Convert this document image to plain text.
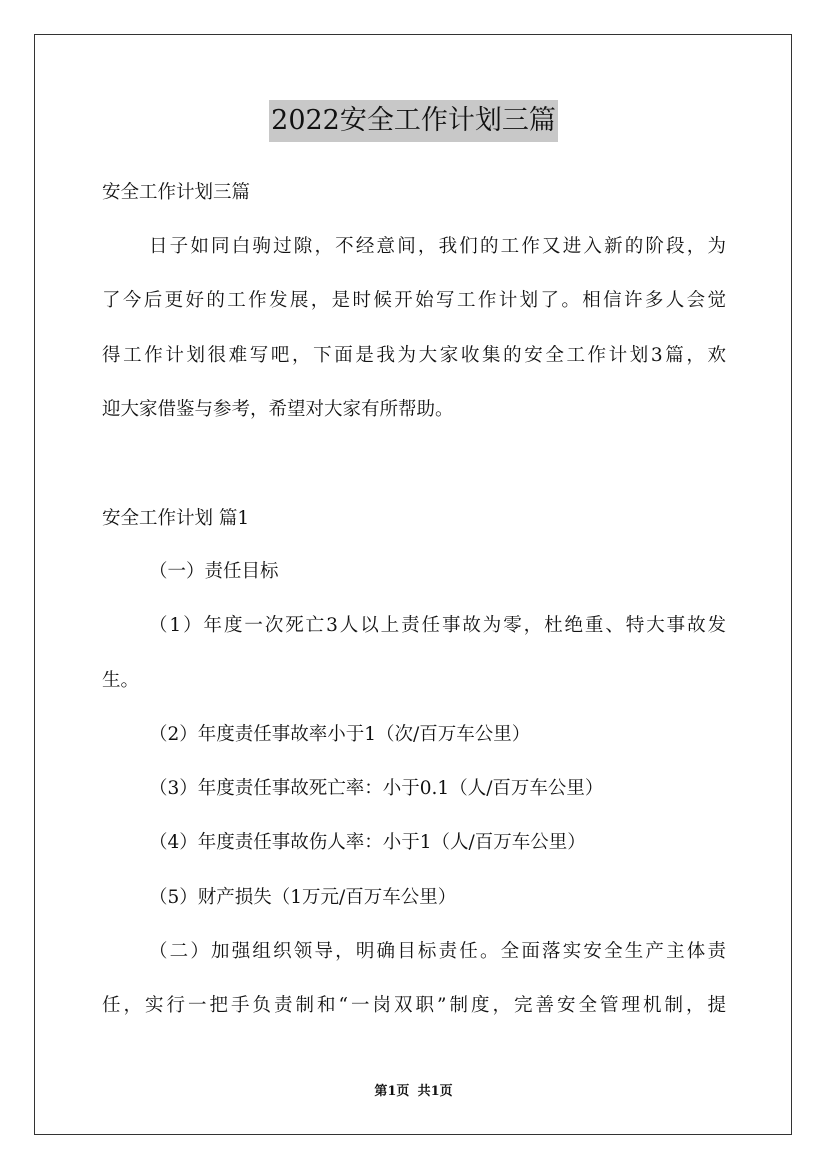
2022安全工作计划三篇
安全工作计划三篇
日子如同白驹过隙，不经意间，我们的工作又进入新的阶段，为
了今后更好的工作发展，是时候开始写工作计划了。相信许多人会觉
得工作计划很难写吧，下面是我为大家收集的安全工作计划3篇，欢
迎大家借鉴与参考，希望对大家有所帮助。
安全工作计划 篇1
（一）责任目标
（1）年度一次死亡3人以上责任事故为零，杜绝重、特大事故发
生。
（2）年度责任事故率小于1（次/百万车公里）
（3）年度责任事故死亡率：小于0.1（人/百万车公里）
（4）年度责任事故伤人率：小于1（人/百万车公里）
（5）财产损失（1万元/百万车公里）
（二）加强组织领导，明确目标责任。全面落实安全生产主体责
任，实行一把手负责制和“一岗双职”制度，完善安全管理机制，提
第1页 共1页
